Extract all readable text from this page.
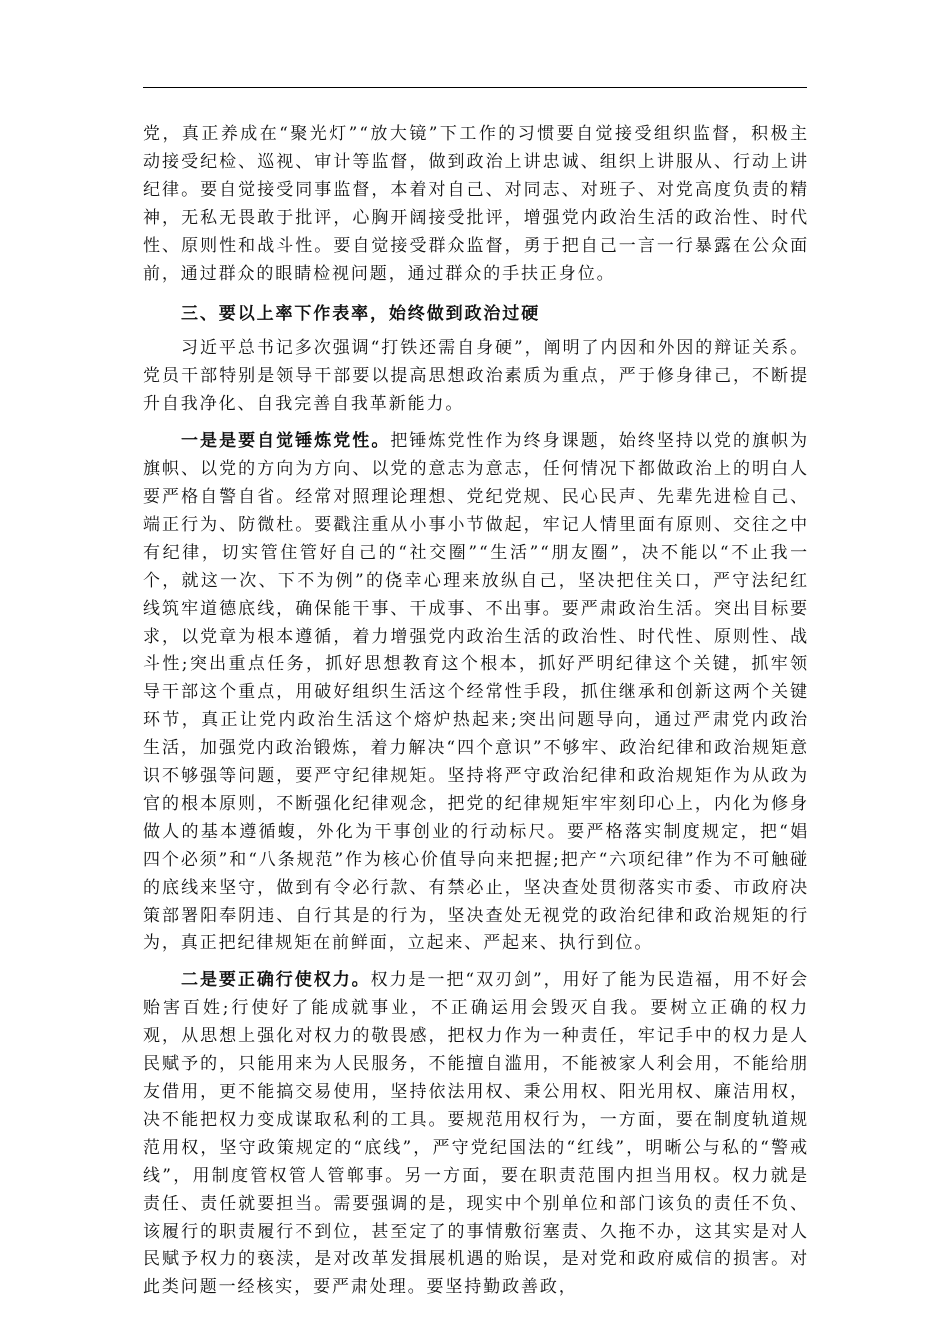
党，真正养成在“聚光灯”“放大镜”下工作的习惯要自觉接受组织监督，积极主动接受纪检、巡视、审计等监督，做到政治上讲忠诚、组织上讲服从、行动上讲纪律。要自觉接受同事监督，本着对自己、对同志、对班子、对党高度负责的精神，无私无畏敢于批评，心胸开阔接受批评，增强党内政治生活的政治性、时代性、原则性和战斗性。要自觉接受群众监督，勇于把自己一言一行暴露在公众面前，通过群众的眼睛检视问题，通过群众的手扶正身位。

三、要以上率下作表率，始终做到政治过硬

习近平总书记多次强调“打铁还需自身硬”，阐明了内因和外因的辩证关系。党员干部特别是领导干部要以提高思想政治素质为重点，严于修身律己，不断提升自我净化、自我完善自我革新能力。

一是是要自觉锤炼党性。把锤炼党性作为终身课题，始终坚持以党的旗帜为旗帜、以党的方向为方向、以党的意志为意志，任何情况下都做政治上的明白人要严格自警自省。经常对照理论理想、党纪党规、民心民声、先辈先进检自己、端正行为、防微杜。要戳注重从小事小节做起，牢记人情里面有原则、交往之中有纪律，切实管住管好自己的“社交圈”“生活”“朋友圈”，决不能以“不止我一个，就这一次、下不为例”的侥幸心理来放纵自己，坚决把住关口，严守法纪红线筑牢道德底线，确保能干事、干成事、不出事。要严肃政治生活。突出目标要求，以党章为根本遵循，着力增强党内政治生活的政治性、时代性、原则性、战斗性;突出重点任务，抓好思想教育这个根本，抓好严明纪律这个关键，抓牢领导干部这个重点，用破好组织生活这个经常性手段，抓住继承和创新这两个关键环节，真正让党内政治生活这个熔炉热起来;突出问题导向，通过严肃党内政治生活，加强党内政治锻炼，着力解决“四个意识”不够牢、政治纪律和政治规矩意识不够强等问题，要严守纪律规矩。坚持将严守政治纪律和政治规矩作为从政为官的根本原则，不断强化纪律观念，把党的纪律规矩牢牢刻印心上，内化为修身做人的基本遵循蝮，外化为干事创业的行动标尺。要严格落实制度规定，把“娼四个必须”和“八条规范”作为核心价值导向来把握;把产“六项纪律”作为不可触碰的底线来坚守，做到有令必行款、有禁必止，坚决查处贯彻落实市委、市政府决策部署阳奉阴违、自行其是的行为，坚决查处无视党的政治纪律和政治规矩的行为，真正把纪律规矩在前鲜面，立起来、严起来、执行到位。

二是要正确行使权力。权力是一把“双刃剑”，用好了能为民造福，用不好会贻害百姓;行使好了能成就事业，不正确运用会毁灭自我。要树立正确的权力观，从思想上强化对权力的敬畏感，把权力作为一种责任，牢记手中的权力是人民赋予的，只能用来为人民服务，不能擅自滥用，不能被家人利会用，不能给朋友借用，更不能搞交易使用，坚持依法用权、秉公用权、阳光用权、廉洁用权，决不能把权力变成谋取私利的工具。要规范用权行为，一方面，要在制度轨道规范用权，坚守政策规定的“底线”，严守党纪国法的“红线”，明晰公与私的“警戒线”，用制度管权管人管郸事。另一方面，要在职责范围内担当用权。权力就是责任、责任就要担当。需要强调的是，现实中个别单位和部门该负的责任不负、该履行的职责履行不到位，甚至定了的事情敷衍塞责、久拖不办，这其实是对人民赋予权力的亵渎，是对改革发揖展机遇的贻误，是对党和政府威信的损害。对此类问题一经核实，要严肃处理。要坚持勤政善政，
